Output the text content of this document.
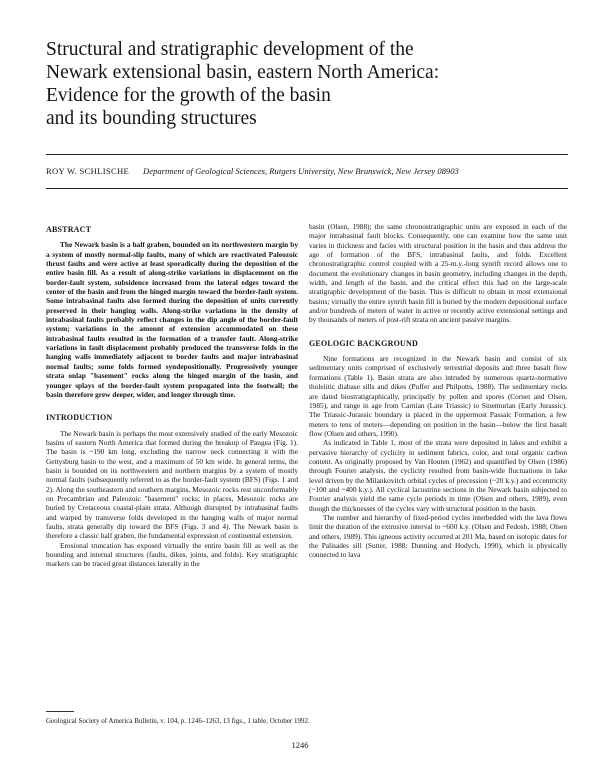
Structural and stratigraphic development of the
Newark extensional basin, eastern North America:
Evidence for the growth of the basin
and its bounding structures
ROY W. SCHLISCHE Department of Geological Sciences, Rutgers University, New Brunswick, New Jersey 08903
ABSTRACT

The Newark basin is a half graben, bounded on its northwestern margin by a system of mostly normal-slip faults, many of which are reactivated Paleozoic thrust faults and were active at least sporadically during the deposition of the entire basin fill. As a result of along-strike variations in displacement on the border-fault system, subsidence increased from the lateral edges toward the center of the basin and from the hinged margin toward the border-fault system. Some intrabasinal faults also formed during the deposition of units currently preserved in their hanging walls. Along-strike variations in the density of intrabasinal faults probably reflect changes in the dip angle of the border-fault system; variations in the amount of extension accommodated on these intrabasinal faults resulted in the formation of a transfer fault. Along-strike variations in fault displacement probably produced the transverse folds in the hanging walls immediately adjacent to border faults and major intrabasinal normal faults; some folds formed syndepositionally. Progressively younger strata onlap "basement" rocks along the hinged margin of the basin, and younger splays of the border-fault system propagated into the footwall; the basin therefore grew deeper, wider, and longer through time.

INTRODUCTION

The Newark basin is perhaps the most extensively studied of the early Mesozoic basins of eastern North America that formed during the breakup of Pangea (Fig. 1). The basin is ~190 km long, excluding the narrow neck connecting it with the Gettysburg basin to the west, and a maximum of 50 km wide. In general terms, the basin is bounded on its northwestern and northern margins by a system of mostly normal faults (subsequently referred to as the border-fault system (BFS) (Figs. 1 and 2). Along the southeastern and southern margins, Mesozoic rocks rest unconformably on Precambrian and Paleozoic "basement" rocks; in places, Mesozoic rocks are buried by Cretaceous coastal-plain strata. Although disrupted by intrabasinal faults and warped by transverse folds developed in the hanging walls of major normal faults, strata generally dip toward the BFS (Figs. 3 and 4). The Newark basin is therefore a classic half graben, the fundamental expression of continental extension.

Erosional truncation has exposed virtually the entire basin fill as well as the bounding and internal structures (faults, dikes, joints, and folds). Key stratigraphic markers can be traced great distances laterally in the

basin (Olsen, 1988); the same chronostratigraphic units are exposed in each of the major intrabasinal fault blocks. Consequently, one can examine how the same unit varies in thickness and facies with structural position in the basin and thus address the age of formation of the BFS, intrabasinal faults, and folds. Excellent chronostratigraphic control coupled with a 25-m.y.-long synrift record allows one to document the evolutionary changes in basin geometry, including changes in the depth, width, and length of the basin, and the critical effect this had on the large-scale stratigraphic development of the basin. This is difficult to obtain in most extensional basins; virtually the entire synrift basin fill is buried by the modern depositional surface and/or hundreds of meters of water in active or recently active extensional settings and by thousands of meters of post-rift strata on ancient passive margins.

GEOLOGIC BACKGROUND

Nine formations are recognized in the Newark basin and consist of six sedimentary units comprised of exclusively terrestrial deposits and three basalt flow formations (Table 1). Basin strata are also intruded by numerous quartz-normative tholeiitic diabase sills and dikes (Puffer and Philpotts, 1988). The sedimentary rocks are dated biostratigraphically, principally by pollen and spores (Cornet and Olsen, 1985), and range in age from Carnian (Late Triassic) to Sinemurian (Early Jurassic). The Triassic-Jurassic boundary is placed in the uppermost Passaic Formation, a few meters to tens of meters—depending on position in the basin—below the first basalt flow (Olsen and others, 1990).

As indicated in Table 1, most of the strata were deposited in lakes and exhibit a pervasive hierarchy of cyclicity in sediment fabrics, color, and total organic carbon content. As originally proposed by Van Houten (1962) and quantified by Olsen (1986) through Fourier analysis, the cyclicity resulted from basin-wide fluctuations in lake level driven by the Milankovitch orbital cycles of precession (~20 k.y.) and eccentricity (~100 and ~400 k.y.). All cyclical lacustrine sections in the Newark basin subjected to Fourier analysis yield the same cycle periods in time (Olsen and others, 1989), even though the thicknesses of the cycles vary with structural position in the basin.

The number and hierarchy of fixed-period cycles interbedded with the lava flows limit the duration of the extrusive interval to ~600 k.y. (Olsen and Fedosh, 1988; Olsen and others, 1989). This igneous activity occurred at 201 Ma, based on isotopic dates for the Palisades sill (Sutter, 1988; Dunning and Hodych, 1990), which is physically connected to lava

Geological Society of America Bulletin, v. 104, p. 1246–1263, 13 figs., 1 table, October 1992.
1246
